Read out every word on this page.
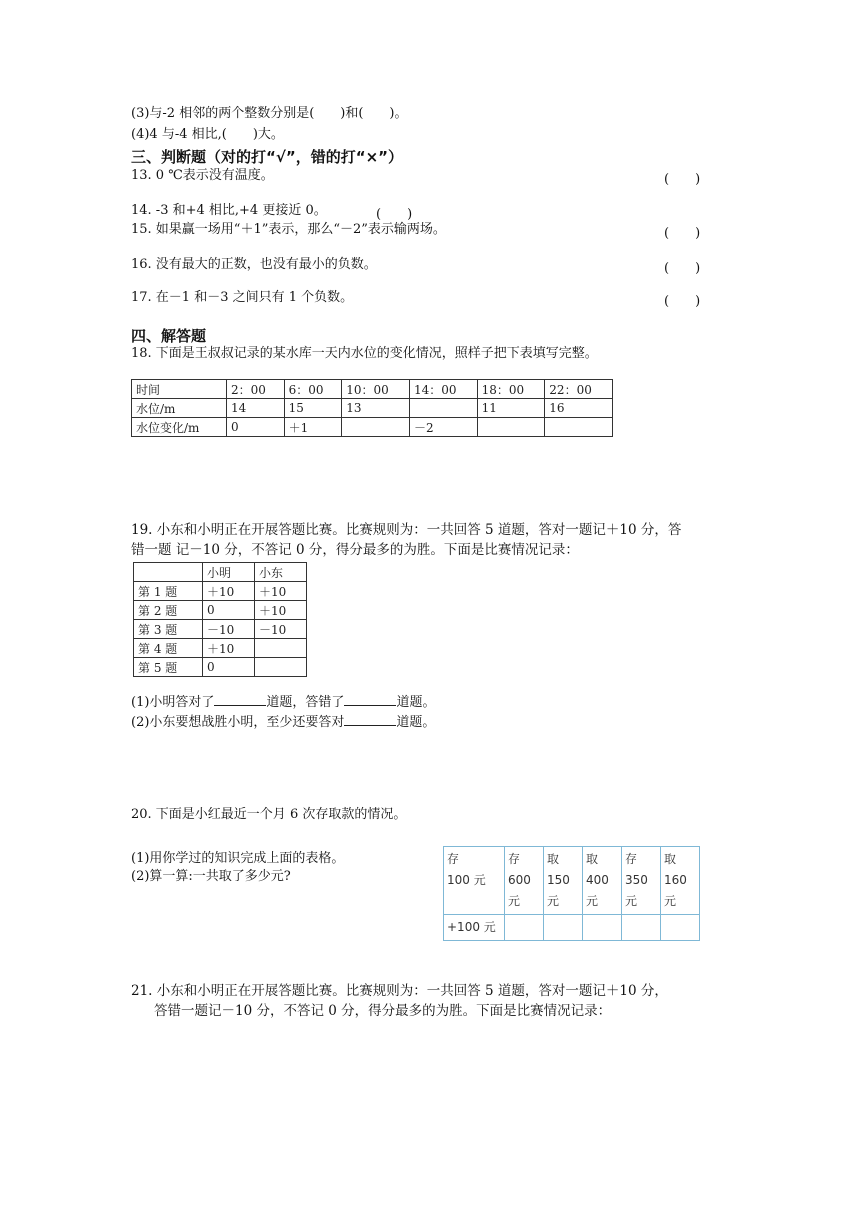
(3)与-2 相邻的两个整数分别是(　　)和(　　)。
(4)4 与-4 相比,(　　)大。
三、判断题（对的打“√”，错的打“×”）
13. 0 ℃表示没有温度。	(　　)
14. -3 和+4 相比,+4 更接近 0。	(　　)
15. 如果赢一场用“＋1”表示，那么“－2”表示输两场。	(　　)
16. 没有最大的正数，也没有最小的负数。	(　　)
17. 在－1 和－3 之间只有 1 个负数。	(　　)
四、解答题
18. 下面是王叔叔记录的某水库一天内水位的变化情况，照样子把下表填写完整。
时间	2：00	6：00	10：00	14：00	18：00	22：00
水位/m	14	15	13		11	16
水位变化/m	0	＋1		－2		
19. 小东和小明正在开展答题比赛。比赛规则为：一共回答 5 道题，答对一题记＋10 分，答
错一题 记－10 分，不答记 0 分，得分最多的为胜。下面是比赛情况记录：
	小明	小东
第 1 题	＋10	＋10
第 2 题	0	＋10
第 3 题	－10	－10
第 4 题	＋10	
第 5 题	0	
(1)小明答对了	道题，答错了	道题。
(2)小东要想战胜小明，至少还要答对	道题。
20. 下面是小红最近一个月 6 次存取款的情况。
(1)用你学过的知识完成上面的表格。
(2)算一算:一共取了多少元?
存
100 元	存
600
元	取
150
元	取
400
元	存
350
元	取
160
元
+100 元					
21. 小东和小明正在开展答题比赛。比赛规则为：一共回答 5 道题，答对一题记＋10 分，
答错一题记－10 分，不答记 0 分，得分最多的为胜。下面是比赛情况记录：
